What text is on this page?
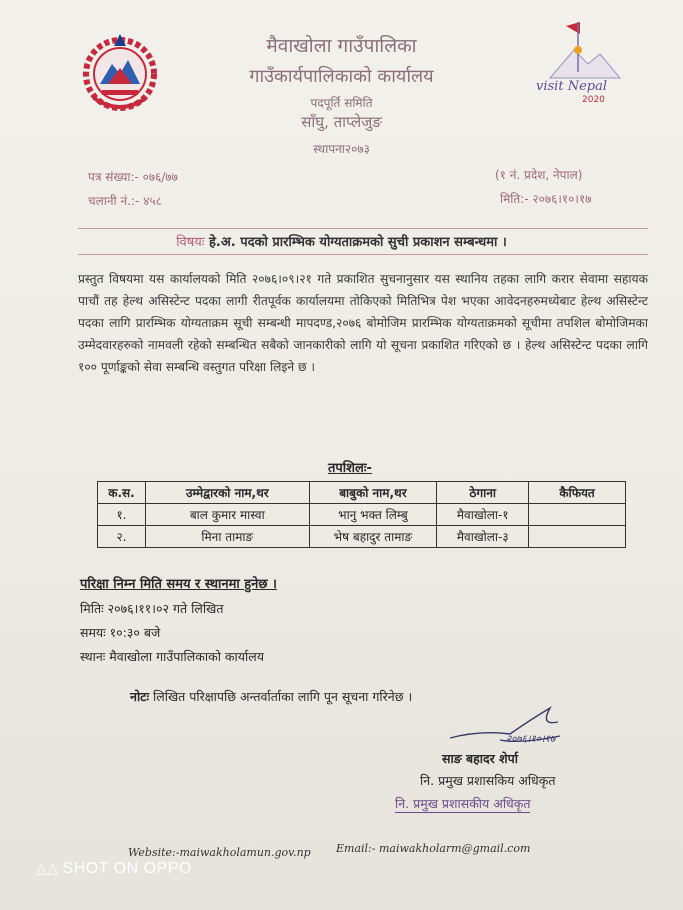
visit Nepal
2020
मैवाखोला गाउँपालिका
गाउँकार्यपालिकाको कार्यालय
पदपूर्ति समिति
साँघु, ताप्लेजुङ
स्थापना२०७३
पत्र संख्या:- ०७६/७७
चलानी नं.:- ४५८
(१ नं. प्रदेश, नेपाल)
मिति:- २०७६।१०।१७
विषयः हे.अ. पदको प्रारम्भिक योग्यताक्रमको सुची प्रकाशन सम्बन्धमा ।
प्रस्तुत विषयमा यस कार्यालयको मिति २०७६।०९।२१ गते प्रकाशित सुचनानुसार यस स्थानिय तहका लागि करार सेवामा सहायक पाचौं तह हेल्थ असिस्टेन्ट पदका लागी रीतपूर्वक कार्यालयमा तोकिएको मितिभित्र पेश भएका आवेदनहरुमध्येबाट हेल्थ असिस्टेन्ट पदका लागि प्रारम्भिक योग्यताक्रम सूची सम्बन्धी मापदण्ड,२०७६ बोमोजिम प्रारम्भिक योग्यताक्रमको सूचीमा तपशिल बोमोजिमका उम्मेदवारहरुको नामवली रहेको सम्बन्धित सबैको जानकारीको लागि यो सूचना प्रकाशित गरिएको छ । हेल्थ असिस्टेन्ट पदका लागि १०० पूर्णाङ्कको सेवा सम्बन्धि वस्तुगत परिक्षा लिइने छ ।
तपशिलः-
क.स.	उम्मेद्वारको नाम,थर	बाबुको नाम,थर	ठेगाना	कैफियत
१.	बाल कुमार मास्वा	भानु भक्त लिम्बु	मैवाखोला-१	
२.	मिना तामाङ	भेष बहादुर तामाङ	मैवाखोला-३	
परिक्षा निम्न मिति समय र स्थानमा हुनेछ ।
मितिः २०७६।११।०२ गते लिखित
समयः १०:३० बजे
स्थानः मैवाखोला गाउँपालिकाको कार्यालय
नोटः लिखित परिक्षापछि अन्तर्वार्ताका लागि पून सूचना गरिनेछ ।
२०७६।१०।१७
साङ बहादर शेर्पा
नि. प्रमुख प्रशासकिय अधिकृत
नि. प्रमुख प्रशासकीय अधिकृत
Website:-maiwakholamun.gov.np Email:- maiwakholarm@gmail.com
△△ SHOT ON OPPO
